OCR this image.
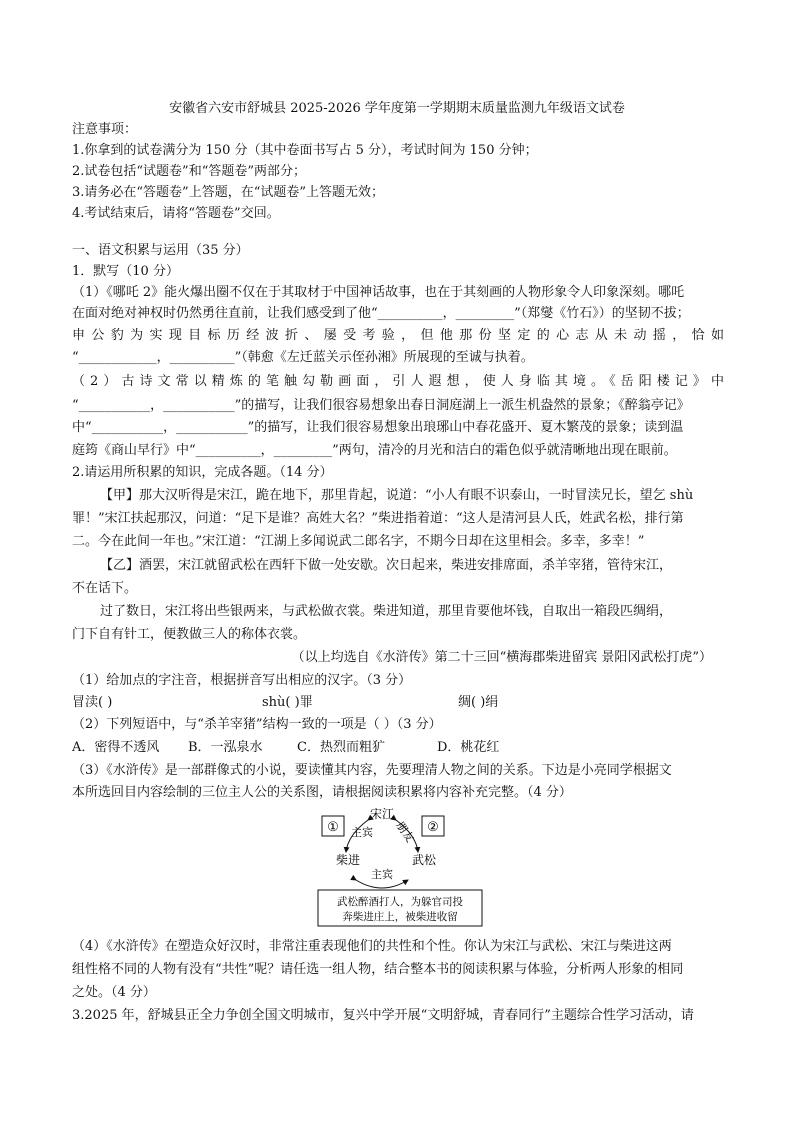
安徽省六安市舒城县 2025-2026 学年度第一学期期末质量监测九年级语文试卷
注意事项：
1.你拿到的试卷满分为 150 分（其中卷面书写占 5 分），考试时间为 150 分钟；
2.试卷包括“试题卷”和“答题卷”两部分；
3.请务必在“答题卷”上答题，在“试题卷”上答题无效；
4.考试结束后，请将“答题卷”交回。
一、语文积累与运用（35 分）
1．默写（10 分）
（1）《哪吒 2》能火爆出圈不仅在于其取材于中国神话故事，也在于其刻画的人物形象令人印象深刻。哪吒
在面对绝对神权时仍然勇往直前，让我们感受到了他“__________，_________”（郑燮《竹石》）的坚韧不拔；
申公豹为实现目标历经波折、屡受考验，但他那份坚定的心志从未动摇，恰如
“____________，__________”（韩愈《左迁蓝关示侄孙湘》所展现的至诚与执着。
（2）古诗文常以精炼的笔触勾勒画面，引人遐想，使人身临其境。《岳阳楼记》中
“___________，___________”的描写，让我们很容易想象出春日洞庭湖上一派生机盎然的景象；《醉翁亭记》
中“___________，___________”的描写，让我们很容易想象出琅琊山中春花盛开、夏木繁茂的景象；读到温
庭筠《商山早行》中“__________，_________”两句，清冷的月光和洁白的霜色似乎就清晰地出现在眼前。
2.请运用所积累的知识，完成各题。（14 分）
【甲】那大汉听得是宋江，跪在地下，那里肯起，说道：“小人有眼不识泰山，一时冒渎兄长，望乞 shù
罪！”宋江扶起那汉，问道：“足下是谁？高姓大名？”柴进指着道：“这人是清河县人氏，姓武名松，排行第
二。今在此间一年也。”宋江道：“江湖上多闻说武二郎名字，不期今日却在这里相会。多幸，多幸！”
【乙】酒罢，宋江就留武松在西轩下做一处安歇。次日起来，柴进安排席面，杀羊宰猪，管待宋江，
不在话下。
过了数日，宋江将出些银两来，与武松做衣裳。柴进知道，那里肯要他坏钱，自取出一箱段匹绸绢，
门下自有针工，便教做三人的称体衣裳。
（以上均选自《水浒传》第二十三回“横海郡柴进留宾 景阳冈武松打虎”）
（1）给加点的字注音，根据拼音写出相应的汉字。（3 分）
冒渎( )	shù( )罪	绸( )绢
（2）下列短语中，与“杀羊宰猪”结构一致的一项是（ ）（3 分）
A．密得不透风 B．一泓泉水	C．热烈而粗犷	D．桃花红
（3）《水浒传》是一部群像式的小说，要读懂其内容，先要理清人物之间的关系。下边是小亮同学根据文
本所选回目内容绘制的三位主人公的关系图，请根据阅读积累将内容补充完整。（4 分）
①	②
宋江
主宾 朋友
主宾
柴进	武松
武松醉酒打人，为躲官司投
奔柴进庄上，被柴进收留
（4）《水浒传》在塑造众好汉时，非常注重表现他们的共性和个性。你认为宋江与武松、宋江与柴进这两
组性格不同的人物有没有“共性”呢？请任选一组人物，结合整本书的阅读积累与体验，分析两人形象的相同
之处。（4 分）
3.2025 年，舒城县正全力争创全国文明城市，复兴中学开展“文明舒城，青春同行”主题综合性学习活动，请
